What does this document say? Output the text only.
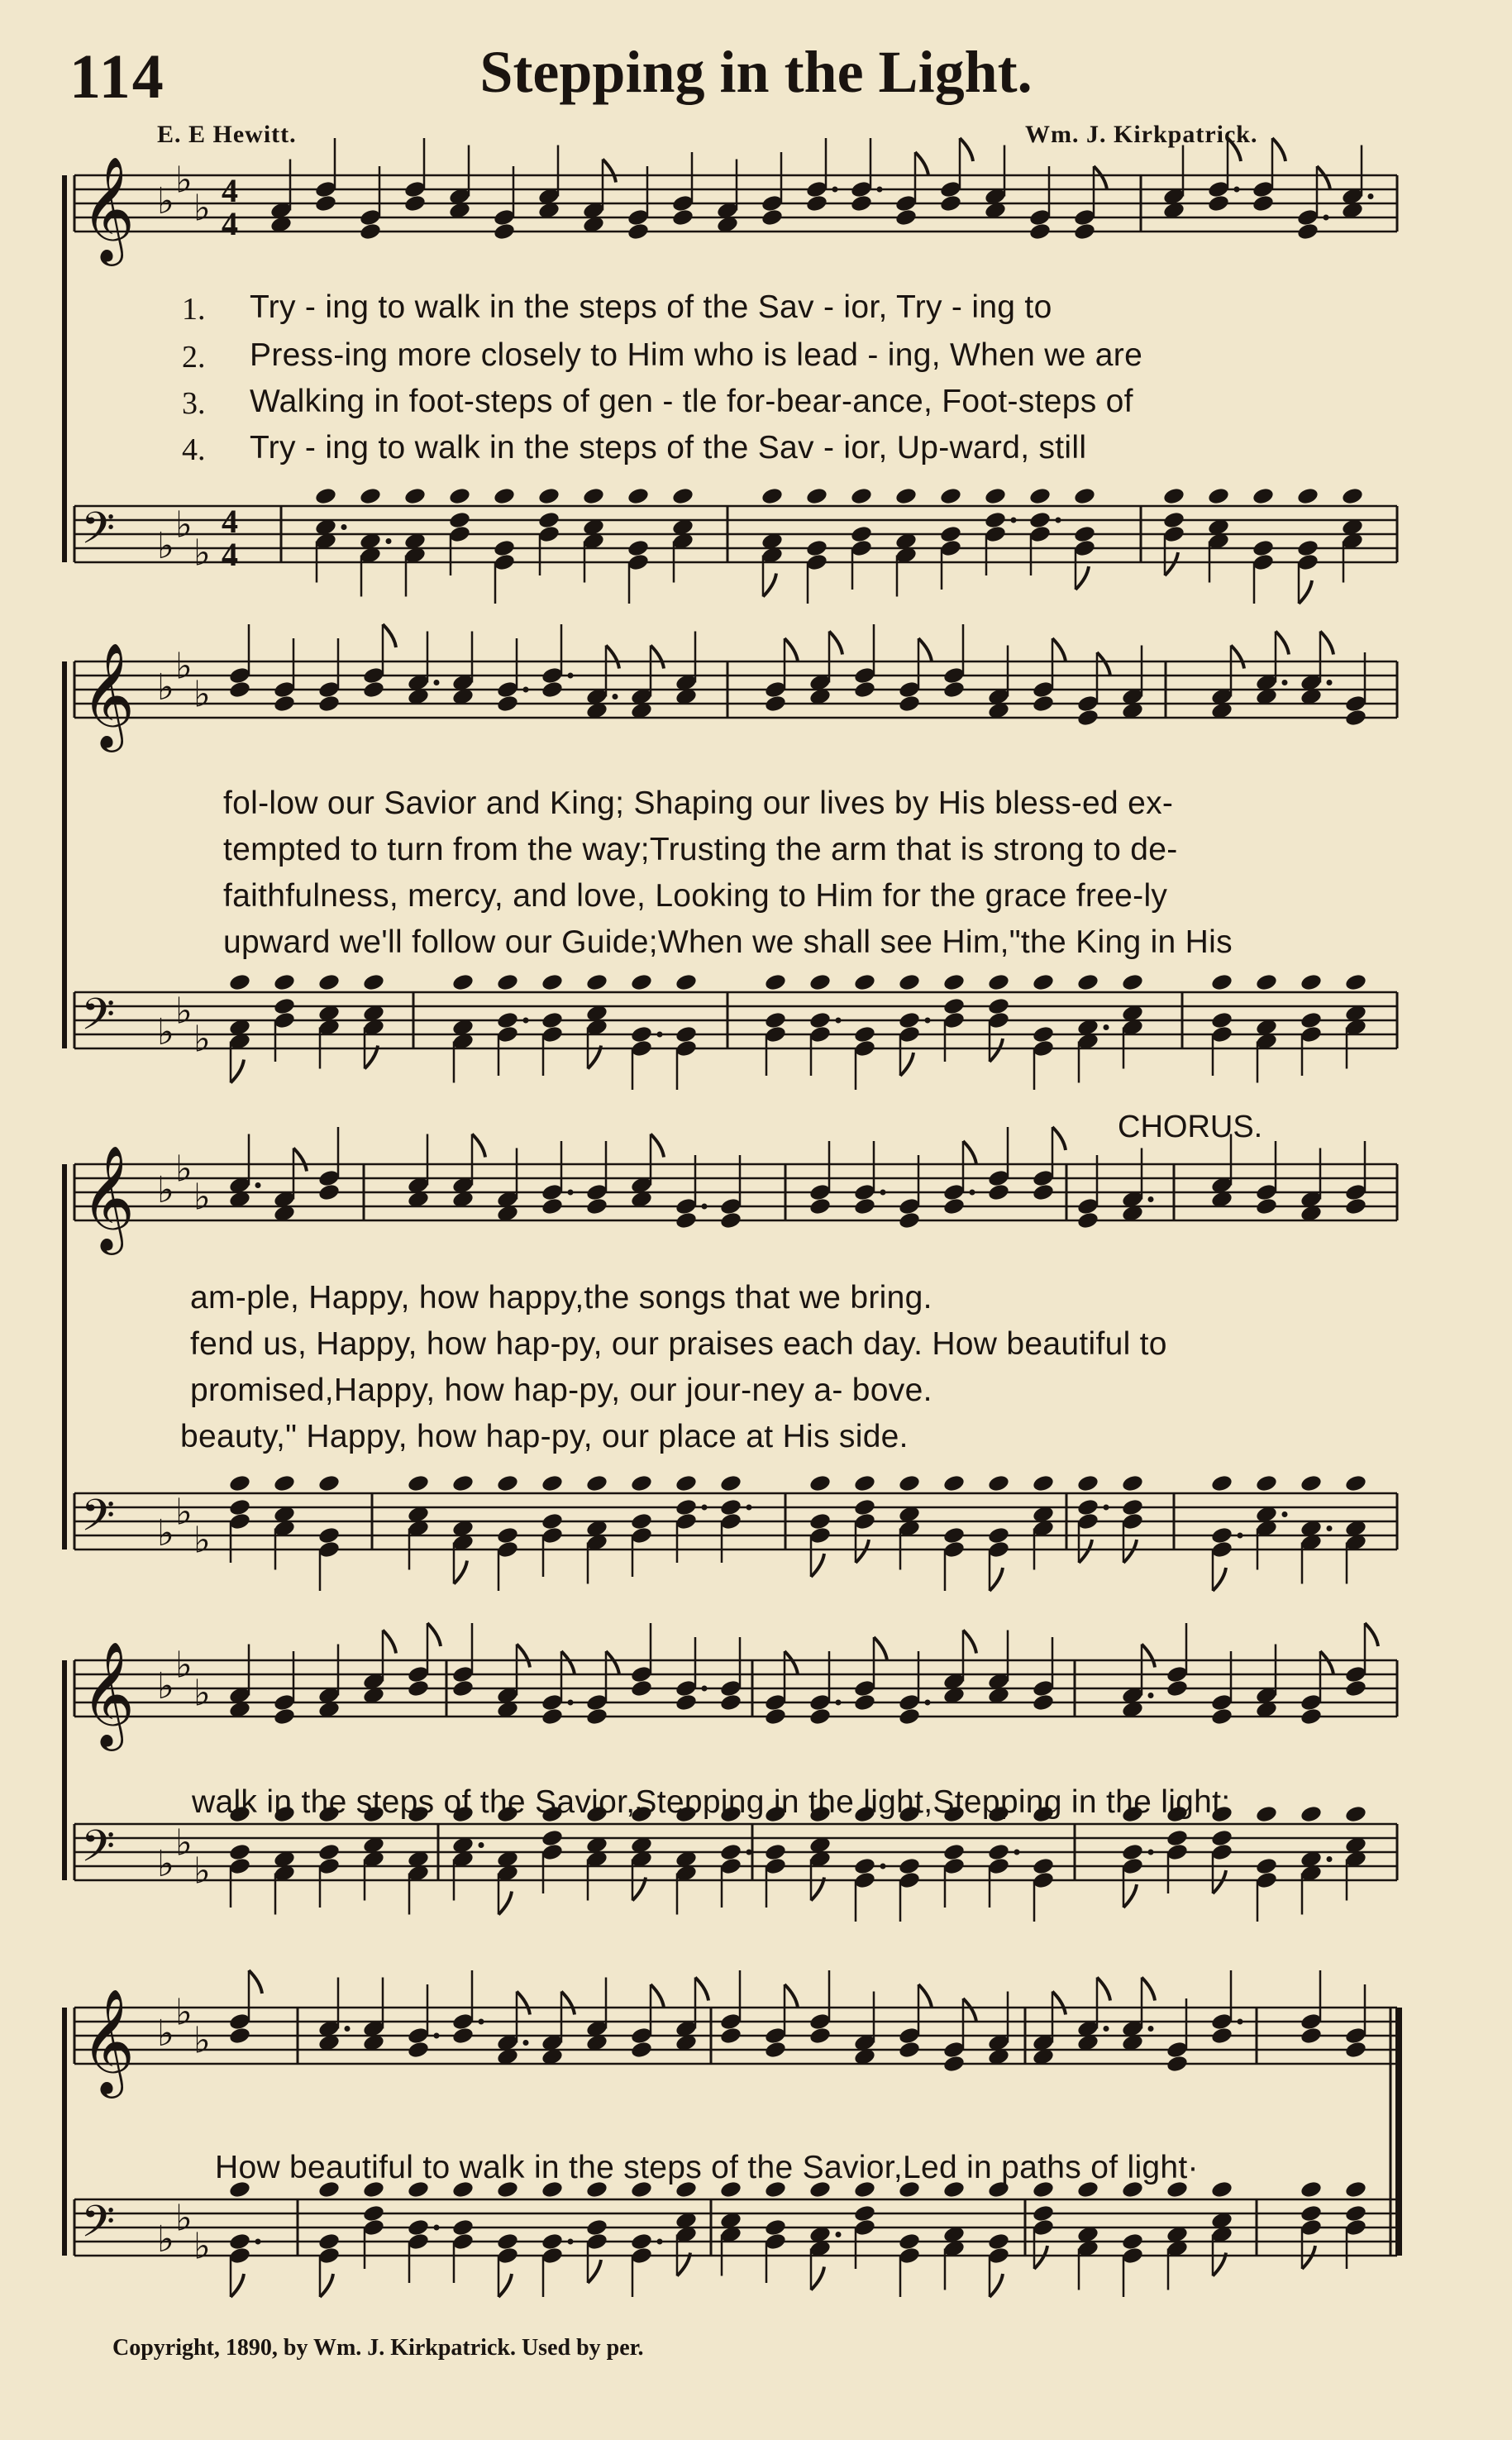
114	Stepping in the Light.
E. E Hewitt.	Wm. J. Kirkpatrick.
𝄞 ♭ ♭
♭ 4
4
𝄢 ♭ ♭
♭
4
4
𝄞 ♭ ♭
♭
𝄢 ♭ ♭
♭
𝄞 ♭ ♭
♭
𝄢 ♭ ♭
♭
𝄞 ♭ ♭
♭
𝄢 ♭ ♭
♭
𝄞 ♭ ♭
♭
𝄢 ♭ ♭
♭
1.
2.
3.
4.
Try - ing to walk in the steps of the Sav - ior, Try - ing to
Press-ing more closely to Him who is lead - ing, When we are
Walking in foot-steps of gen - tle for-bear-ance, Foot-steps of
Try - ing to walk in the steps of the Sav - ior, Up-ward, still
fol-low our Savior and King; Shaping our lives by His bless-ed ex-
tempted to turn from the way;Trusting the arm that is strong to de-
faithfulness, mercy, and love, Looking to Him for the grace free-ly
upward we'll follow our Guide;When we shall see Him,"the King in His
CHORUS.
am-ple, Happy, how happy,the songs that we bring.
fend us, Happy, how hap-py, our praises each day. How beautiful to
promised,Happy, how hap-py, our jour-ney a- bove.
beauty," Happy, how hap-py, our place at His side.
walk in the steps of the Savior,Stepping in the light,Stepping in the light;
How beautiful to walk in the steps of the Savior,Led in paths of light·
Copyright, 1890, by Wm. J. Kirkpatrick. Used by per.
